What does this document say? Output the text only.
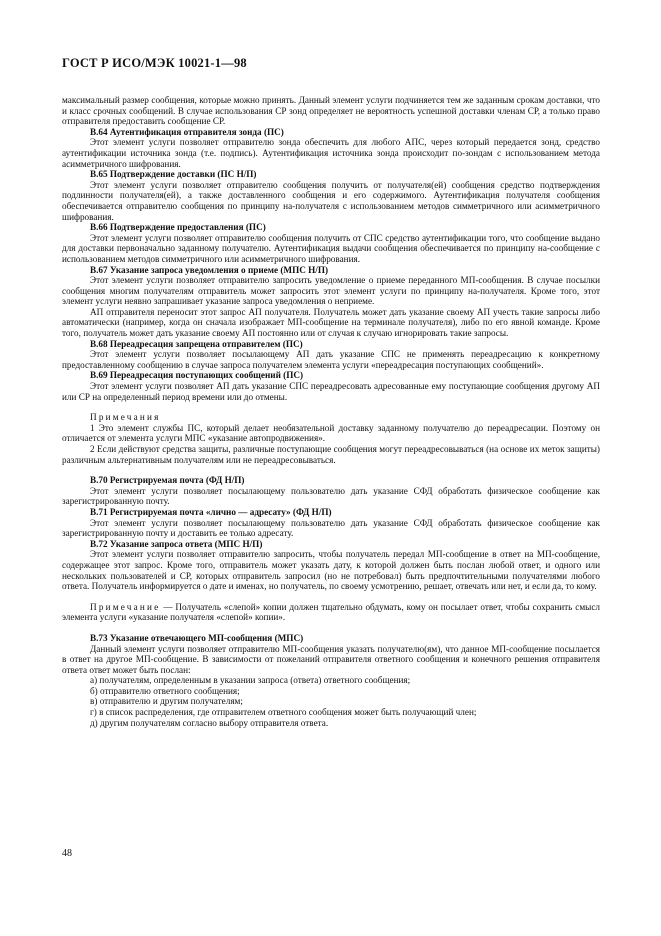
ГОСТ Р ИСО/МЭК 10021-1—98

максимальный размер сообщения, которые можно принять. Данный элемент услуги подчиняется тем же заданным срокам доставки, что и класс срочных сообщений. В случае использования СР зонд определяет не вероятность успешной доставки членам СР, а только право отправителя предоставить сообщение СР.

В.64 Аутентификация отправителя зонда (ПС)

Этот элемент услуги позволяет отправителю зонда обеспечить для любого АПС, через который передается зонд, средство аутентификации источника зонда (т.е. подпись). Аутентификация источника зонда происходит по-зондам с использованием метода асимметричного шифрования.

В.65 Подтверждение доставки (ПС Н/П)

Этот элемент услуги позволяет отправителю сообщения получить от получателя(ей) сообщения средство подтверждения подлинности получателя(ей), а также доставленного сообщения и его содержимого. Аутентификация получателя сообщения обеспечивается отправителю сообщения по принципу на-получателя с использованием методов симметричного или асимметричного шифрования.

В.66 Подтверждение предоставления (ПС)

Этот элемент услуги позволяет отправителю сообщения получить от СПС средство аутентификации того, что сообщение выдано для доставки первоначально заданному получателю. Аутентификация выдачи сообщения обеспечивается по принципу на-сообщение с использованием методов симметричного или асимметричного шифрования.

В.67 Указание запроса уведомления о приеме (МПС Н/П)

Этот элемент услуги позволяет отправителю запросить уведомление о приеме переданного МП-сообщения. В случае посылки сообщения многим получателям отправитель может запросить этот элемент услуги по принципу на-получателя. Кроме того, этот элемент услуги неявно запрашивает указание запроса уведомления о неприеме.

АП отправителя переносит этот запрос АП получателя. Получатель может дать указание своему АП учесть такие запросы либо автоматически (например, когда он сначала изображает МП-сообщение на терминале получателя), либо по его явной команде. Кроме того, получатель может дать указание своему АП постоянно или от случая к случаю игнорировать такие запросы.

В.68 Переадресация запрещена отправителем (ПС)

Этот элемент услуги позволяет посылающему АП дать указание СПС не применять переадресацию к конкретному предоставленному сообщению в случае запроса получателем элемента услуги «переадресация поступающих сообщений».

В.69 Переадресация поступающих сообщений (ПС)

Этот элемент услуги позволяет АП дать указание СПС переадресовать адресованные ему поступающие сообщения другому АП или СР на определенный период времени или до отмены.

Примечания

1 Это элемент службы ПС, который делает необязательной доставку заданному получателю до переадресации. Поэтому он отличается от элемента услуги МПС «указание автопродвижения».

2 Если действуют средства защиты, различные поступающие сообщения могут переадресовываться (на основе их меток защиты) различным альтернативным получателям или не переадресовываться.

В.70 Регистрируемая почта (ФД Н/П)

Этот элемент услуги позволяет посылающему пользователю дать указание СФД обработать физическое сообщение как зарегистрированную почту.

В.71 Регистрируемая почта «лично — адресату» (ФД Н/П)

Этот элемент услуги позволяет посылающему пользователю дать указание СФД обработать физическое сообщение как зарегистрированную почту и доставить ее только адресату.

В.72 Указание запроса ответа (МПС Н/П)

Этот элемент услуги позволяет отправителю запросить, чтобы получатель передал МП-сообщение в ответ на МП-сообщение, содержащее этот запрос. Кроме того, отправитель может указать дату, к которой должен быть послан любой ответ, и одного или нескольких пользователей и СР, которых отправитель запросил (но не потребовал) быть предпочтительными получателями любого ответа. Получатель информируется о дате и именах, но получатель, по своему усмотрению, решает, отвечать или нет, и если да, то кому.

Примечание — Получатель «слепой» копии должен тщательно обдумать, кому он посылает ответ, чтобы сохранить смысл элемента услуги «указание получателя «слепой» копии».

В.73 Указание отвечающего МП-сообщения (МПС)

Данный элемент услуги позволяет отправителю МП-сообщения указать получателю(ям), что данное МП-сообщение посылается в ответ на другое МП-сообщение. В зависимости от пожеланий отправителя ответного сообщения и конечного решения отправителя ответа ответ может быть послан:

а) получателям, определенным в указании запроса (ответа) ответного сообщения;
б) отправителю ответного сообщения;
в) отправителю и другим получателям;
г) в список распределения, где отправителем ответного сообщения может быть получающий член;
д) другим получателям согласно выбору отправителя ответа.
48
